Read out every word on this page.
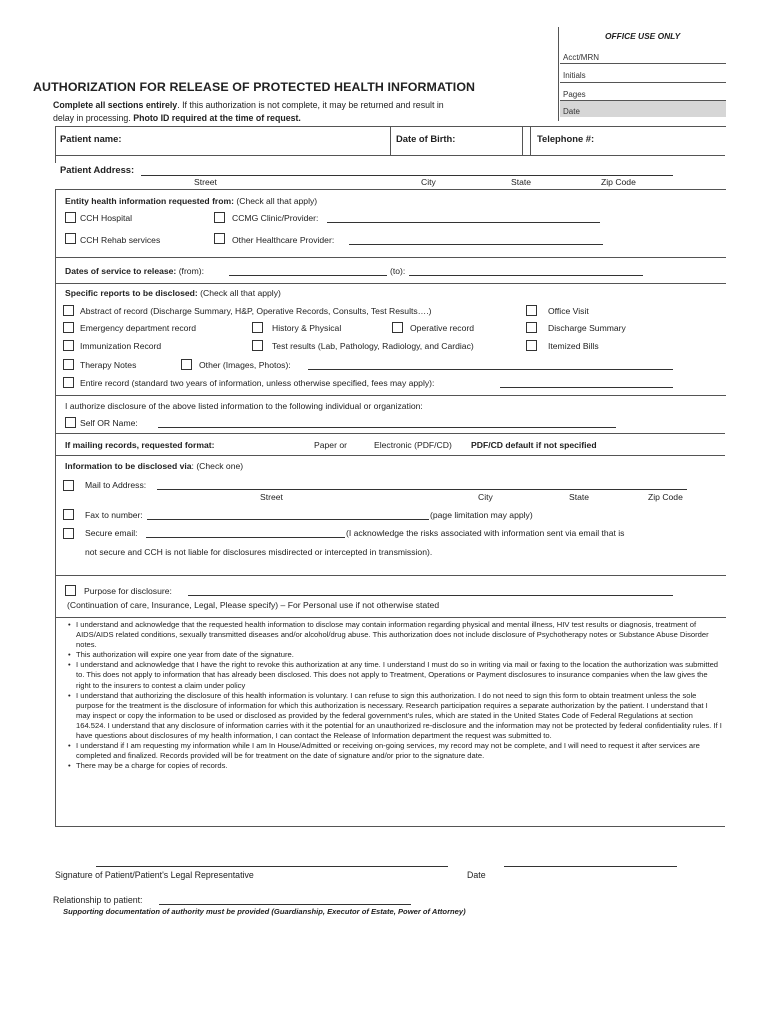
OFFICE USE ONLY
Acct/MRN
Initials
Pages
Date
AUTHORIZATION FOR RELEASE OF PROTECTED HEALTH INFORMATION
Complete all sections entirely. If this authorization is not complete, it may be returned and result in
delay in processing. Photo ID required at the time of request.
Patient name:	Date of Birth:	Telephone #:
Patient Address:
Street	City	State	Zip Code
Entity health information requested from: (Check all that apply)
CCH Hospital	CCMG Clinic/Provider:
CCH Rehab services	Other Healthcare Provider:
Dates of service to release: (from):	(to):
Specific reports to be disclosed: (Check all that apply)
Abstract of record (Discharge Summary, H&P, Operative Records, Consults, Test Results….)	Office Visit
Emergency department record	History & Physical	Operative record	Discharge Summary
Immunization Record	Test results (Lab, Pathology, Radiology, and Cardiac)	Itemized Bills
Therapy Notes	Other (Images, Photos):
Entire record (standard two years of information, unless otherwise specified, fees may apply):
I authorize disclosure of the above listed information to the following individual or organization:
Self OR Name:
If mailing records, requested format:	Paper or	Electronic (PDF/CD) PDF/CD default if not specified
Information to be disclosed via: (Check one)
Mail to Address:
Street	City	State	Zip Code
Fax to number:	(page limitation may apply)
Secure email:	(I acknowledge the risks associated with information sent via email that is
not secure and CCH is not liable for disclosures misdirected or intercepted in transmission).
Purpose for disclosure:
(Continuation of care, Insurance, Legal, Please specify) – For Personal use if not otherwise stated
• I understand and acknowledge that the requested health information to disclose may contain information regarding physical and mental illness, HIV test results or diagnosis, treatment of AIDS/AIDS related conditions, sexually transmitted diseases and/or alcohol/drug abuse. This authorization does not include disclosure of Psychotherapy notes or Substance Abuse Disorder notes.
• This authorization will expire one year from date of the signature.
• I understand and acknowledge that I have the right to revoke this authorization at any time. I understand I must do so in writing via mail or faxing to the location the authorization was submitted to. This does not apply to information that has already been disclosed. This does not apply to Treatment, Operations or Payment disclosures to insurance companies when the law gives the right to the insurers to contest a claim under policy
• I understand that authorizing the disclosure of this health information is voluntary. I can refuse to sign this authorization. I do not need to sign this form to obtain treatment unless the sole purpose for the treatment is the disclosure of information for which this authorization is necessary. Research participation requires a separate authorization by the patient. I understand that I may inspect or copy the information to be used or disclosed as provided by the federal government's rules, which are stated in the United States Code of Federal Regulations at section 164.524. I understand that any disclosure of information carries with it the potential for an unauthorized re-disclosure and the information may not be protected by federal confidentiality rules. If I have questions about disclosures of my health information, I can contact the Release of Information department the request was submitted to.
• I understand if I am requesting my information while I am In House/Admitted or receiving on-going services, my record may not be complete, and I will need to request it after services are completed and finalized. Records provided will be for treatment on the date of signature and/or prior to the signature date.
• There may be a charge for copies of records.
Signature of Patient/Patient's Legal Representative	Date
Relationship to patient:
Supporting documentation of authority must be provided (Guardianship, Executor of Estate, Power of Attorney)
